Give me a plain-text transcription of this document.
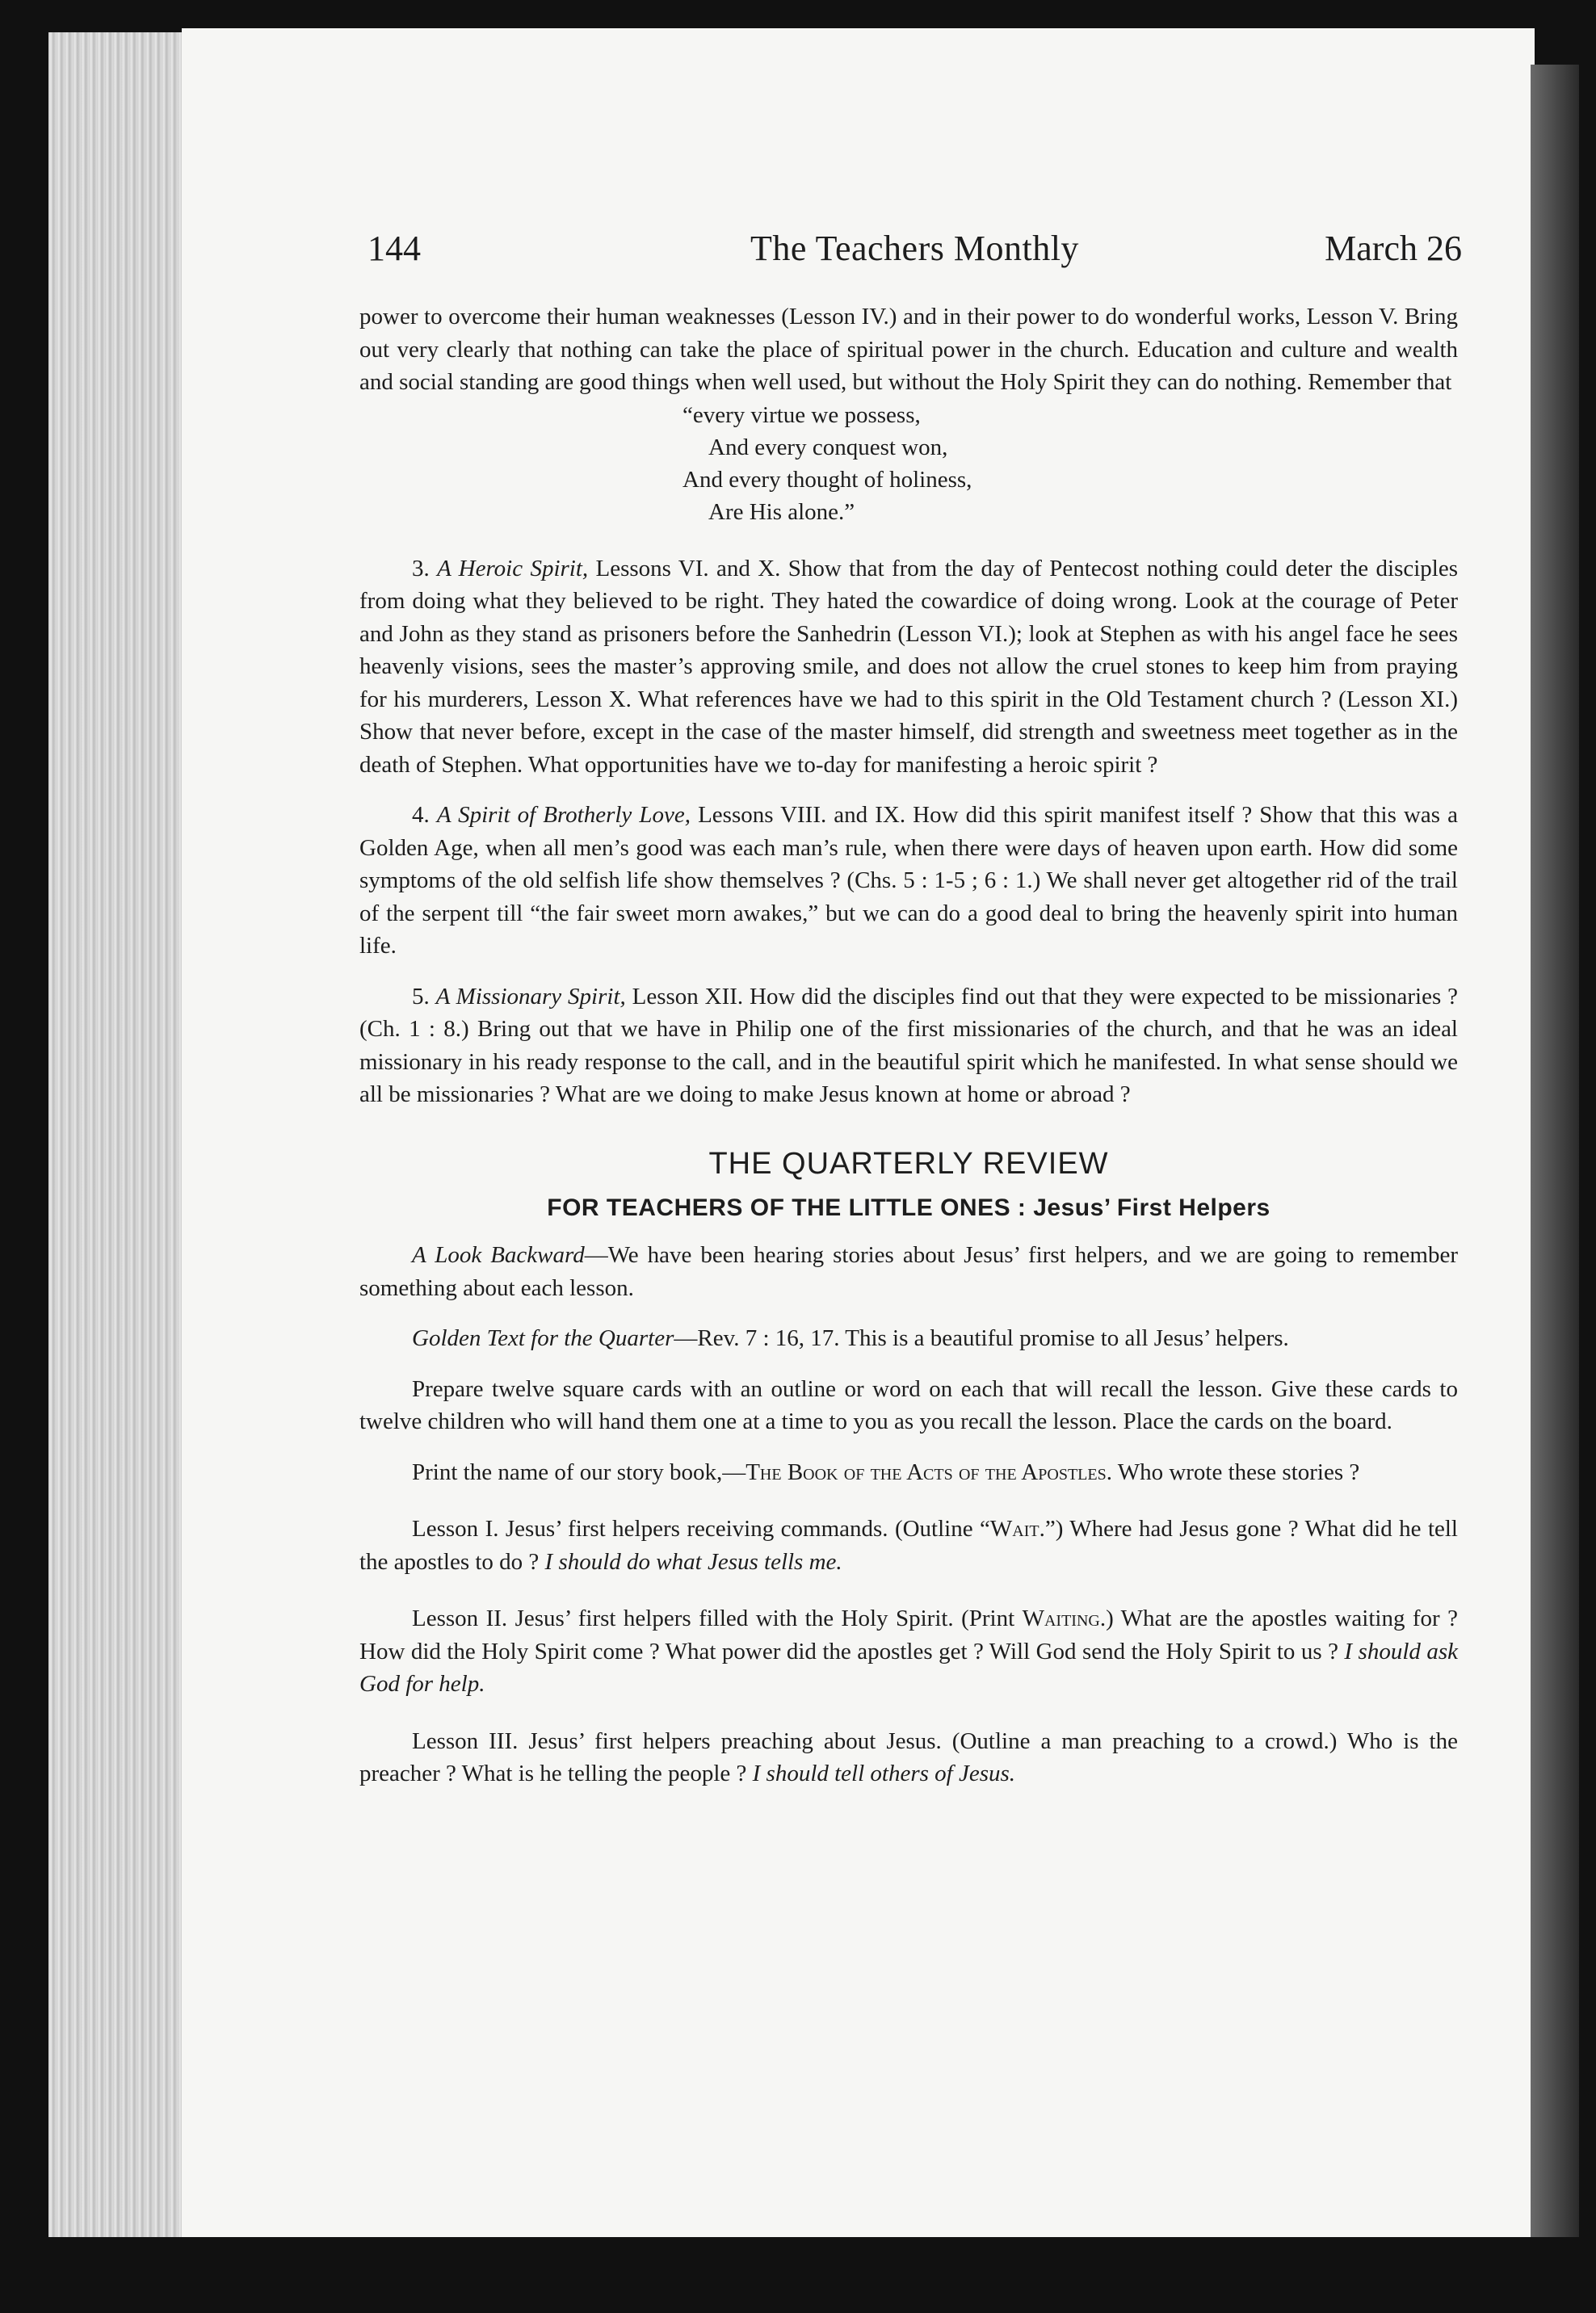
144	The Teachers Monthly	March 26

power to overcome their human weaknesses (Lesson IV.) and in their power to do wonderful works, Lesson V. Bring out very clearly that nothing can take the place of spiritual power in the church. Education and culture and wealth and social standing are good things when well used, but without the Holy Spirit they can do nothing. Remember that

“every virtue we possess,
And every conquest won,
And every thought of holiness,
Are His alone.”

3. A Heroic Spirit, Lessons VI. and X. Show that from the day of Pentecost nothing could deter the disciples from doing what they believed to be right. They hated the cowardice of doing wrong. Look at the courage of Peter and John as they stand as prisoners before the Sanhedrin (Lesson VI.); look at Stephen as with his angel face he sees heavenly visions, sees the master’s approving smile, and does not allow the cruel stones to keep him from praying for his murderers, Lesson X. What references have we had to this spirit in the Old Testament church ? (Lesson XI.) Show that never before, except in the case of the master himself, did strength and sweetness meet together as in the death of Stephen. What opportunities have we to-day for manifesting a heroic spirit ?

4. A Spirit of Brotherly Love, Lessons VIII. and IX. How did this spirit manifest itself ? Show that this was a Golden Age, when all men’s good was each man’s rule, when there were days of heaven upon earth. How did some symptoms of the old selfish life show themselves ? (Chs. 5 : 1-5 ; 6 : 1.) We shall never get altogether rid of the trail of the serpent till “the fair sweet morn awakes,” but we can do a good deal to bring the heavenly spirit into human life.

5. A Missionary Spirit, Lesson XII. How did the disciples find out that they were expected to be missionaries ? (Ch. 1 : 8.) Bring out that we have in Philip one of the first missionaries of the church, and that he was an ideal missionary in his ready response to the call, and in the beautiful spirit which he manifested. In what sense should we all be missionaries ? What are we doing to make Jesus known at home or abroad ?

THE QUARTERLY REVIEW
FOR TEACHERS OF THE LITTLE ONES : Jesus’ First Helpers

A Look Backward—We have been hearing stories about Jesus’ first helpers, and we are going to remember something about each lesson.

Golden Text for the Quarter—Rev. 7 : 16, 17. This is a beautiful promise to all Jesus’ helpers.

Prepare twelve square cards with an outline or word on each that will recall the lesson. Give these cards to twelve children who will hand them one at a time to you as you recall the lesson. Place the cards on the board.

Print the name of our story book,—The Book of the Acts of the Apostles. Who wrote these stories ?

Lesson I. Jesus’ first helpers receiving commands. (Outline “Wait.”) Where had Jesus gone ? What did he tell the apostles to do ? I should do what Jesus tells me.

Lesson II. Jesus’ first helpers filled with the Holy Spirit. (Print Waiting.) What are the apostles waiting for ? How did the Holy Spirit come ? What power did the apostles get ? Will God send the Holy Spirit to us ? I should ask God for help.

Lesson III. Jesus’ first helpers preaching about Jesus. (Outline a man preaching to a crowd.) Who is the preacher ? What is he telling the people ? I should tell others of Jesus.
